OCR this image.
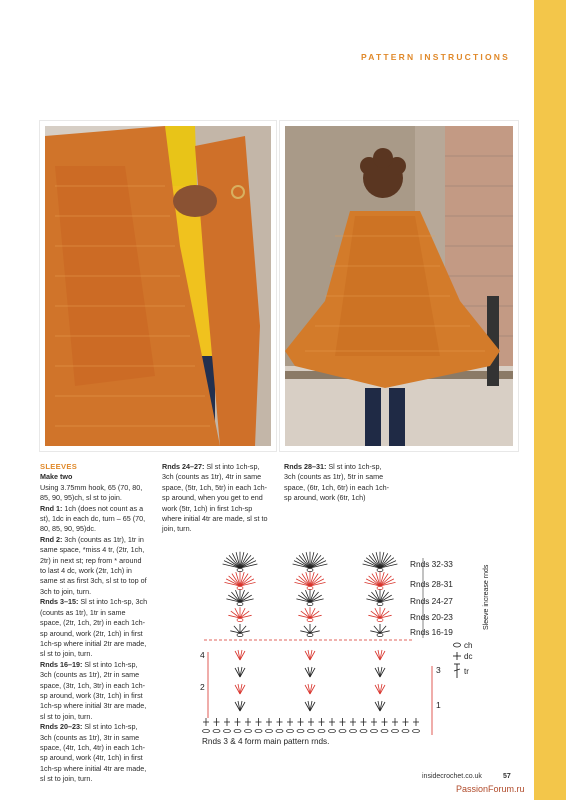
PATTERN INSTRUCTIONS

SLEEVES

Make two

Using 3.75mm hook, 65 (70, 80, 85, 90, 95)ch, sl st to join.

Rnd 1: 1ch (does not count as a st), 1dc in each dc, turn – 65 (70, 80, 85, 90, 95)dc.

Rnd 2: 3ch (counts as 1tr), 1tr in same space, *miss 4 tr, (2tr, 1ch, 2tr) in next st; rep from * around to last 4 dc, work (2tr, 1ch) in same st as first 3ch, sl st to top of 3ch to join, turn.

Rnds 3–15: Sl st into 1ch-sp, 3ch (counts as 1tr), 1tr in same space, (2tr, 1ch, 2tr) in each 1ch-sp around, work (2tr, 1ch) in first 1ch-sp where initial 2tr are made, sl st to join, turn.

Rnds 16–19: Sl st into 1ch-sp, 3ch (counts as 1tr), 2tr in same space, (3tr, 1ch, 3tr) in each 1ch-sp around, work (3tr, 1ch) in first 1ch-sp where initial 3tr are made, sl st to join, turn.

Rnds 20–23: Sl st into 1ch-sp, 3ch (counts as 1tr), 3tr in same space, (4tr, 1ch, 4tr) in each 1ch-sp around, work (4tr, 1ch) in first 1ch-sp where initial 4tr are made, sl st to join, turn.

Rnds 24–27: Sl st into 1ch-sp, 3ch (counts as 1tr), 4tr in same space, (5tr, 1ch, 5tr) in each 1ch-sp around, when you get to end work (5tr, 1ch) in first 1ch-sp where initial 4tr are made, sl st to join, turn.

Rnds 28–31: Sl st into 1ch-sp, 3ch (counts as 1tr), 5tr in same space, (6tr, 1ch, 6tr) in each 1ch-sp around, work (6tr, 1ch)

Rnds 32-33
Rnds 28-31
Rnds 24-27
Rnds 20-23
Rnds 16-19
Sleeve increase rnds
4
3
2
1
ch
dc
tr
Rnds 3 & 4 form main pattern rnds.
insidecrochet.co.uk	57
PassionForum.ru
